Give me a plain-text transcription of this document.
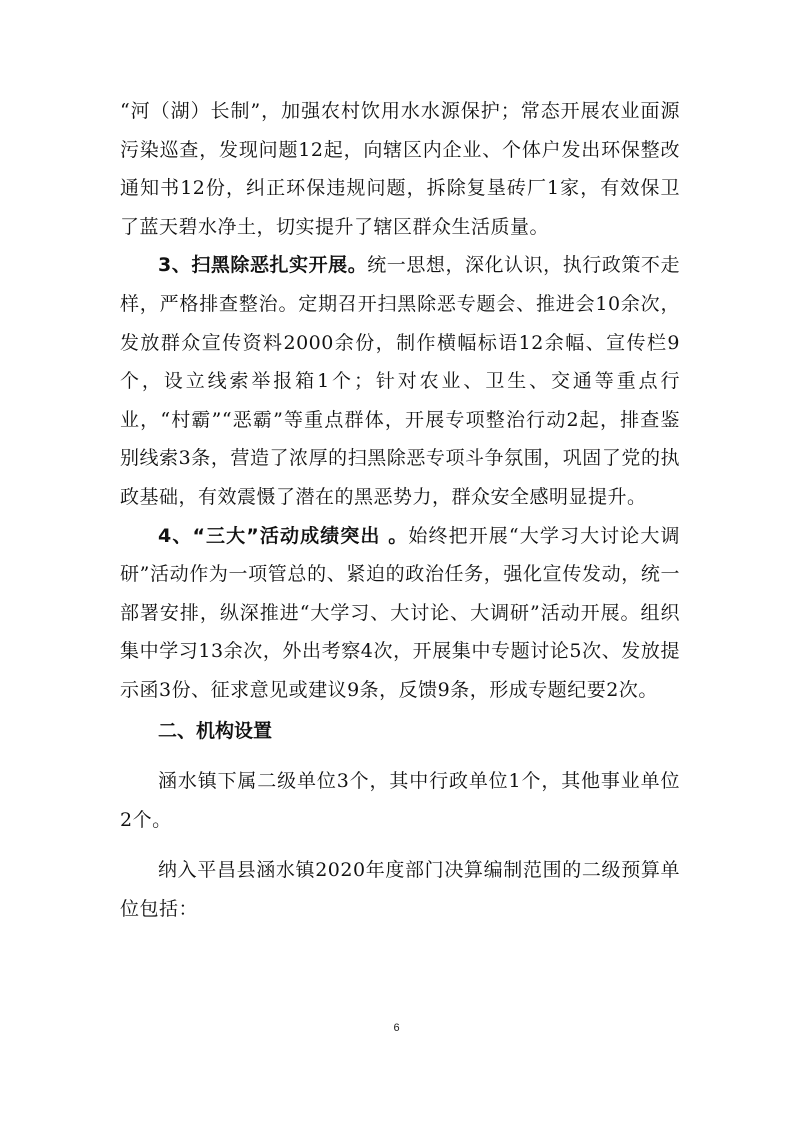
“河（湖）长制”，加强农村饮用水水源保护；常态开展农业面源污染巡查，发现问题12起，向辖区内企业、个体户发出环保整改通知书12份，纠正环保违规问题，拆除复垦砖厂1家，有效保卫了蓝天碧水净土，切实提升了辖区群众生活质量。

3、扫黑除恶扎实开展。统一思想，深化认识，执行政策不走样，严格排查整治。定期召开扫黑除恶专题会、推进会10余次，发放群众宣传资料2000余份，制作横幅标语12余幅、宣传栏9个，设立线索举报箱1个；针对农业、卫生、交通等重点行业，“村霸”“恶霸”等重点群体，开展专项整治行动2起，排查鉴别线索3条，营造了浓厚的扫黑除恶专项斗争氛围，巩固了党的执政基础，有效震慑了潜在的黑恶势力，群众安全感明显提升。

4、“三大”活动成绩突出 。始终把开展“大学习大讨论大调研”活动作为一项管总的、紧迫的政治任务，强化宣传发动，统一部署安排，纵深推进“大学习、大讨论、大调研”活动开展。组织集中学习13余次，外出考察4次，开展集中专题讨论5次、发放提示函3份、征求意见或建议9条，反馈9条，形成专题纪要2次。

二、机构设置

涵水镇下属二级单位3个，其中行政单位1个，其他事业单位2个。

纳入平昌县涵水镇2020年度部门决算编制范围的二级预算单位包括：

6
